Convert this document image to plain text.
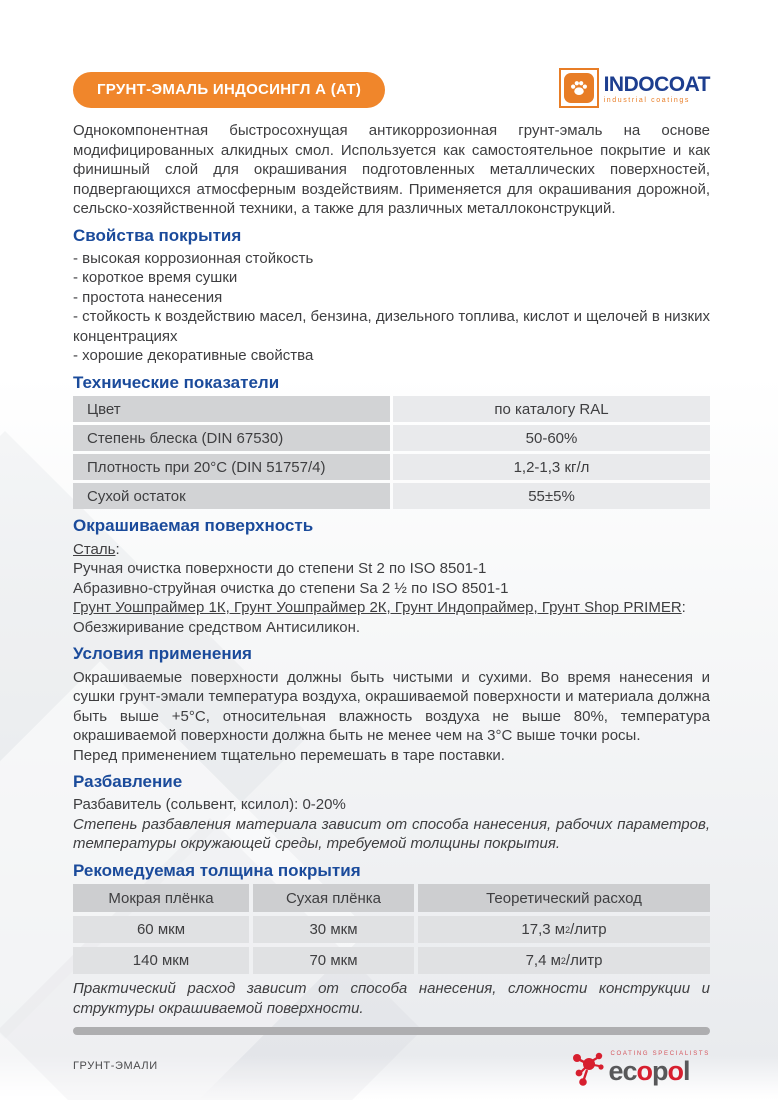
ГРУНТ-ЭМАЛЬ ИНДОСИНГЛ А (АТ)	INDOCOAT
industrial coatings
Однокомпонентная быстросохнущая антикоррозионная грунт-эмаль на основе модифицированных алкидных смол. Используется как самостоятельное покрытие и как финишный слой для окрашивания подготовленных металлических поверхностей, подвергающихся атмосферным воздействиям. Применяется для окрашивания дорожной, сельско-хозяйственной техники, а также для различных металлоконструкций.
Свойства покрытия
- высокая коррозионная стойкость
- короткое время сушки
- простота нанесения
- стойкость к воздействию масел, бензина, дизельного топлива, кислот и щелочей в низких концентрациях
- хорошие декоративные свойства
Технические показатели
Цвет	по каталогу RAL
Степень блеска (DIN 67530)	50-60%
Плотность при 20°C (DIN 51757/4)	1,2-1,3 кг/л
Сухой остаток	55±5%
Окрашиваемая поверхность
Сталь:
Ручная очистка поверхности до степени St 2 по ISO 8501-1
Абразивно-струйная очистка до степени Sa 2 ½ по ISO 8501-1
Грунт Уошпраймер 1К, Грунт Уошпраймер 2К, Грунт Индопраймер, Грунт Shop PRIMER:
Обезжиривание средством Антисиликон.
Условия применения
Окрашиваемые поверхности должны быть чистыми и сухими. Во время нанесения и сушки грунт-эмали температура воздуха, окрашиваемой поверхности и материала должна быть выше +5°С, относительная влажность воздуха не выше 80%, температура окрашиваемой поверхности должна быть не менее чем на 3°С выше точки росы.
Перед применением тщательно перемешать в таре поставки.
Разбавление
Разбавитель (сольвент, ксилол): 0-20%
Степень разбавления материала зависит от способа нанесения, рабочих параметров, температуры окружающей среды, требуемой толщины покрытия.
Рекомедуемая толщина покрытия
Мокрая плёнка	Сухая плёнка	Теоретический расход
60 мкм	30 мкм	17,3 м 2 /литр
140 мкм	70 мкм	7,4 м 2 /литр
Практический расход зависит от способа нанесения, сложности конструкции и структуры окрашиваемой поверхности.
ГРУНТ-ЭМАЛИ
COATING SPECIALISTS
ecopol
